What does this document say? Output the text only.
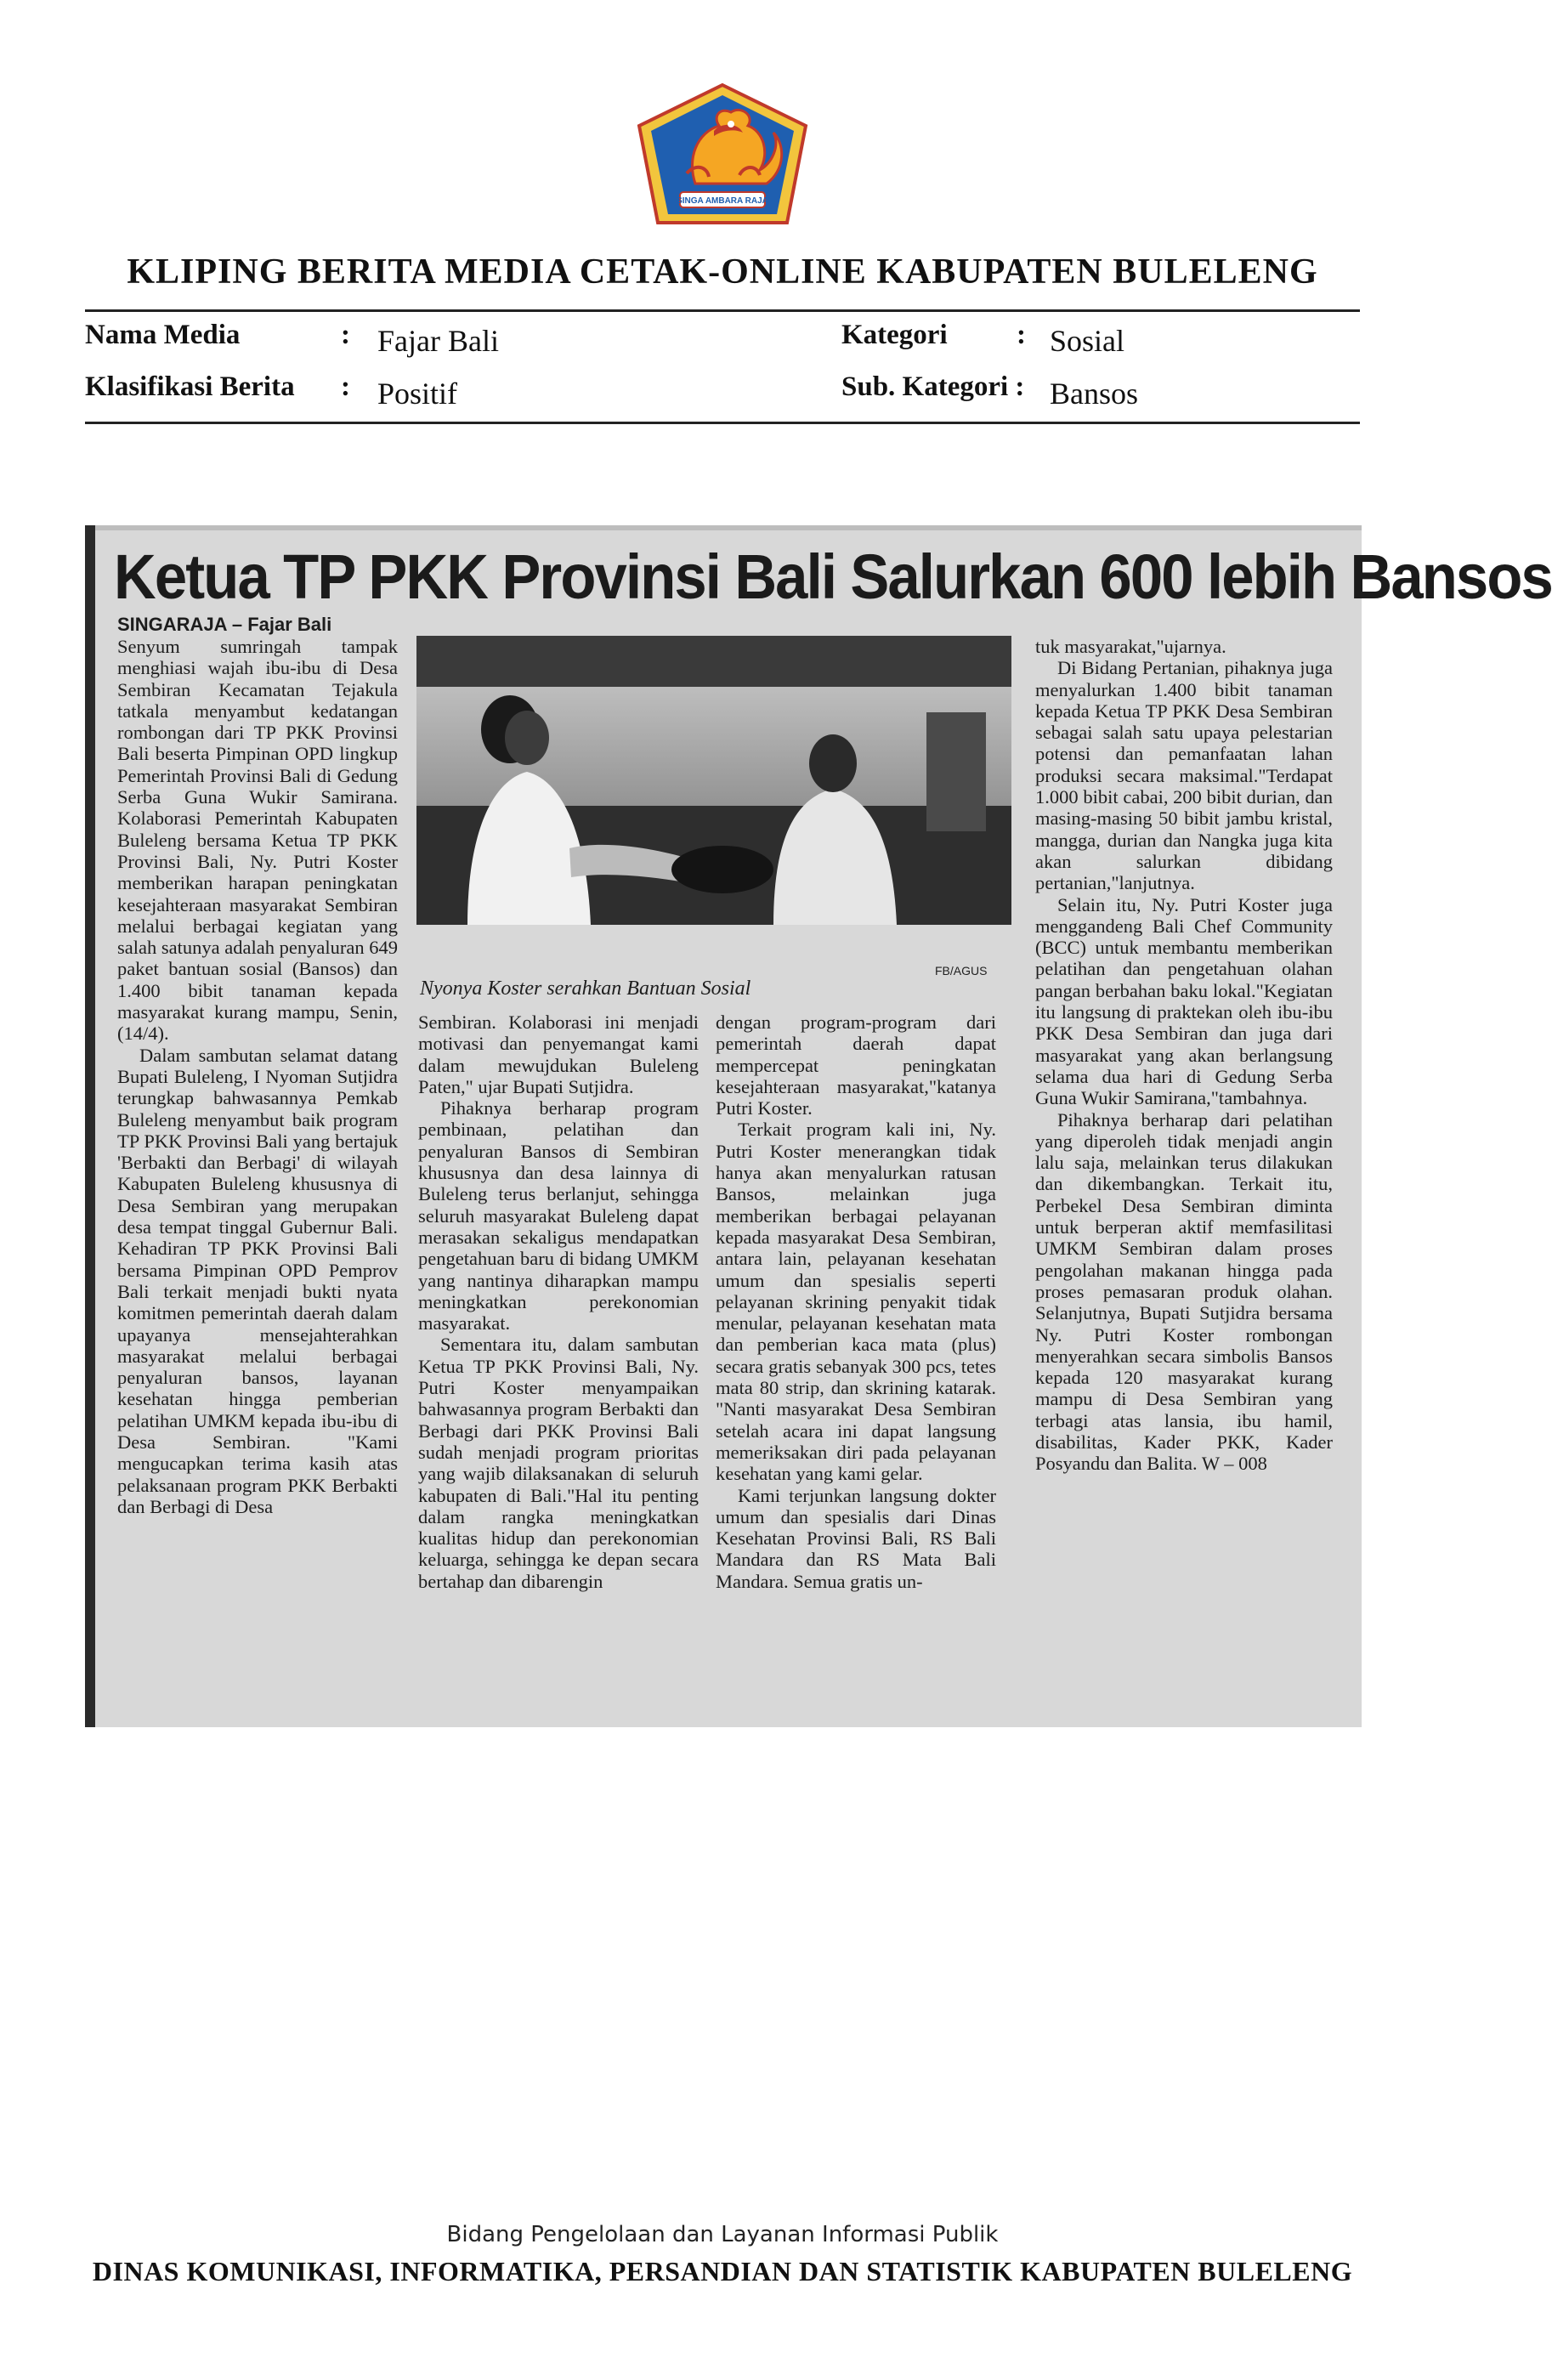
SINGA AMBARA RAJA
KLIPING BERITA MEDIA CETAK-ONLINE KABUPATEN BULELENG
Nama Media	: Fajar Bali	Kategori : Sosial
Klasifikasi Berita : Positif	Sub. Kategori : Bansos
Ketua TP PKK Provinsi Bali Salurkan 600 lebih Bansos
SINGARAJA – Fajar Bali

Senyum sumringah tampak menghiasi wajah ibu-ibu di Desa Sembiran Kecamatan Tejakula tatkala menyambut kedatangan rombongan dari TP PKK Provinsi Bali beserta Pimpinan OPD lingkup Pemerintah Provinsi Bali di Gedung Serba Guna Wukir Samirana. Kolaborasi Pemerintah Kabupaten Buleleng bersama Ketua TP PKK Provinsi Bali, Ny. Putri Koster memberikan harapan peningkatan kesejahteraan masyarakat Sembiran melalui berbagai kegiatan yang salah satunya adalah penyaluran 649 paket bantuan sosial (Bansos) dan 1.400 bibit tanaman kepada masyarakat kurang mampu, Senin, (14/4).

Dalam sambutan selamat datang Bupati Buleleng, I Nyoman Sutjidra terungkap bahwasannya Pemkab Buleleng menyambut baik program TP PKK Provinsi Bali yang bertajuk 'Berbakti dan Berbagi' di wilayah Kabupaten Buleleng khususnya di Desa Sembiran yang merupakan desa tempat tinggal Gubernur Bali. Kehadiran TP PKK Provinsi Bali bersama Pimpinan OPD Pemprov Bali terkait menjadi bukti nyata komitmen pemerintah daerah dalam upayanya mensejahterahkan masyarakat melalui berbagai penyaluran bansos, layanan kesehatan hingga pemberian pelatihan UMKM kepada ibu-ibu di Desa Sembiran. "Kami mengucapkan terima kasih atas pelaksanaan program PKK Berbakti dan Berbagi di Desa

FB/AGUS
Nyonya Koster serahkan Bantuan Sosial

Sembiran. Kolaborasi ini menjadi motivasi dan penyemangat kami dalam mewujdukan Buleleng Paten," ujar Bupati Sutjidra.

Pihaknya berharap program pembinaan, pelatihan dan penyaluran Bansos di Sembiran khususnya dan desa lainnya di Buleleng terus berlanjut, sehingga seluruh masyarakat Buleleng dapat merasakan sekaligus mendapatkan pengetahuan baru di bidang UMKM yang nantinya diharapkan mampu meningkatkan perekonomian masyarakat.

Sementara itu, dalam sambutan Ketua TP PKK Provinsi Bali, Ny. Putri Koster menyampaikan bahwasannya program Berbakti dan Berbagi dari PKK Provinsi Bali sudah menjadi program prioritas yang wajib dilaksanakan di seluruh kabupaten di Bali."Hal itu penting dalam rangka meningkatkan kualitas hidup dan perekonomian keluarga, sehingga ke depan secara bertahap dan dibarengin

dengan program-program dari pemerintah daerah dapat mempercepat peningkatan kesejahteraan masyarakat,"katanya Putri Koster.

Terkait program kali ini, Ny. Putri Koster menerangkan tidak hanya akan menyalurkan ratusan Bansos, melainkan juga memberikan berbagai pelayanan kepada masyarakat Desa Sembiran, antara lain, pelayanan kesehatan umum dan spesialis seperti pelayanan skrining penyakit tidak menular, pelayanan kesehatan mata dan pemberian kaca mata (plus) secara gratis sebanyak 300 pcs, tetes mata 80 strip, dan skrining katarak. "Nanti masyarakat Desa Sembiran setelah acara ini dapat langsung memeriksakan diri pada pelayanan kesehatan yang kami gelar.

Kami terjunkan langsung dokter umum dan spesialis dari Dinas Kesehatan Provinsi Bali, RS Bali Mandara dan RS Mata Bali Mandara. Semua gratis un-

tuk masyarakat,"ujarnya.

Di Bidang Pertanian, pihaknya juga menyalurkan 1.400 bibit tanaman kepada Ketua TP PKK Desa Sembiran sebagai salah satu upaya pelestarian potensi dan pemanfaatan lahan produksi secara maksimal."Terdapat 1.000 bibit cabai, 200 bibit durian, dan masing-masing 50 bibit jambu kristal, mangga, durian dan Nangka juga kita akan salurkan dibidang pertanian,"lanjutnya.

Selain itu, Ny. Putri Koster juga menggandeng Bali Chef Community (BCC) untuk membantu memberikan pelatihan dan pengetahuan olahan pangan berbahan baku lokal."Kegiatan itu langsung di praktekan oleh ibu-ibu PKK Desa Sembiran dan juga dari masyarakat yang akan berlangsung selama dua hari di Gedung Serba Guna Wukir Samirana,"tambahnya.

Pihaknya berharap dari pelatihan yang diperoleh tidak menjadi angin lalu saja, melainkan terus dilakukan dan dikembangkan. Terkait itu, Perbekel Desa Sembiran diminta untuk berperan aktif memfasilitasi UMKM Sembiran dalam proses pengolahan makanan hingga pada proses pemasaran produk olahan. Selanjutnya, Bupati Sutjidra bersama Ny. Putri Koster rombongan menyerahkan secara simbolis Bansos kepada 120 masyarakat kurang mampu di Desa Sembiran yang terbagi atas lansia, ibu hamil, disabilitas, Kader PKK, Kader Posyandu dan Balita. W – 008

Bidang Pengelolaan dan Layanan Informasi Publik
DINAS KOMUNIKASI, INFORMATIKA, PERSANDIAN DAN STATISTIK KABUPATEN BULELENG
